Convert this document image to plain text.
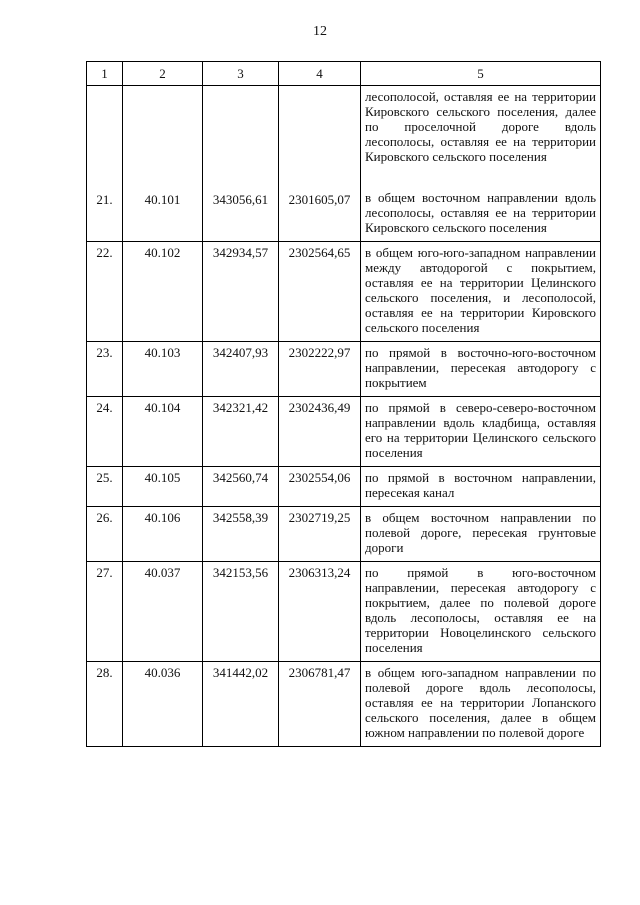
12
1	2	3	4	5
				лесополосой, оставляя ее на территории Кировского сельского поселения, далее по проселочной дороге вдоль лесополосы, оставляя ее на территории Кировского сельского поселения

21.	40.101	343056,61	2301605,07	в общем восточном направлении вдоль лесополосы, оставляя ее на территории Кировского сельского поселения

22.	40.102	342934,57	2302564,65	в общем юго-юго-западном направлении между автодорогой с покрытием, оставляя ее на территории Целинского сельского поселения, и лесополосой, оставляя ее на территории Кировского сельского поселения

23.	40.103	342407,93	2302222,97	по прямой в восточно-юго-восточном направлении, пересекая автодорогу с покрытием

24.	40.104	342321,42	2302436,49	по прямой в северо-северо-восточном направлении вдоль кладбища, оставляя его на территории Целинского сельского поселения

25.	40.105	342560,74	2302554,06	по прямой в восточном направлении, пересекая канал

26.	40.106	342558,39	2302719,25	в общем восточном направлении по полевой дороге, пересекая грунтовые дороги

27.	40.037	342153,56	2306313,24	по прямой в юго-восточном направлении, пересекая автодорогу с покрытием, далее по полевой дороге вдоль лесополосы, оставляя ее на территории Новоцелинского сельского поселения

28.	40.036	341442,02	2306781,47	в общем юго-западном направлении по полевой дороге вдоль лесополосы, оставляя ее на территории Лопанского сельского поселения, далее в общем южном направлении по полевой дороге
